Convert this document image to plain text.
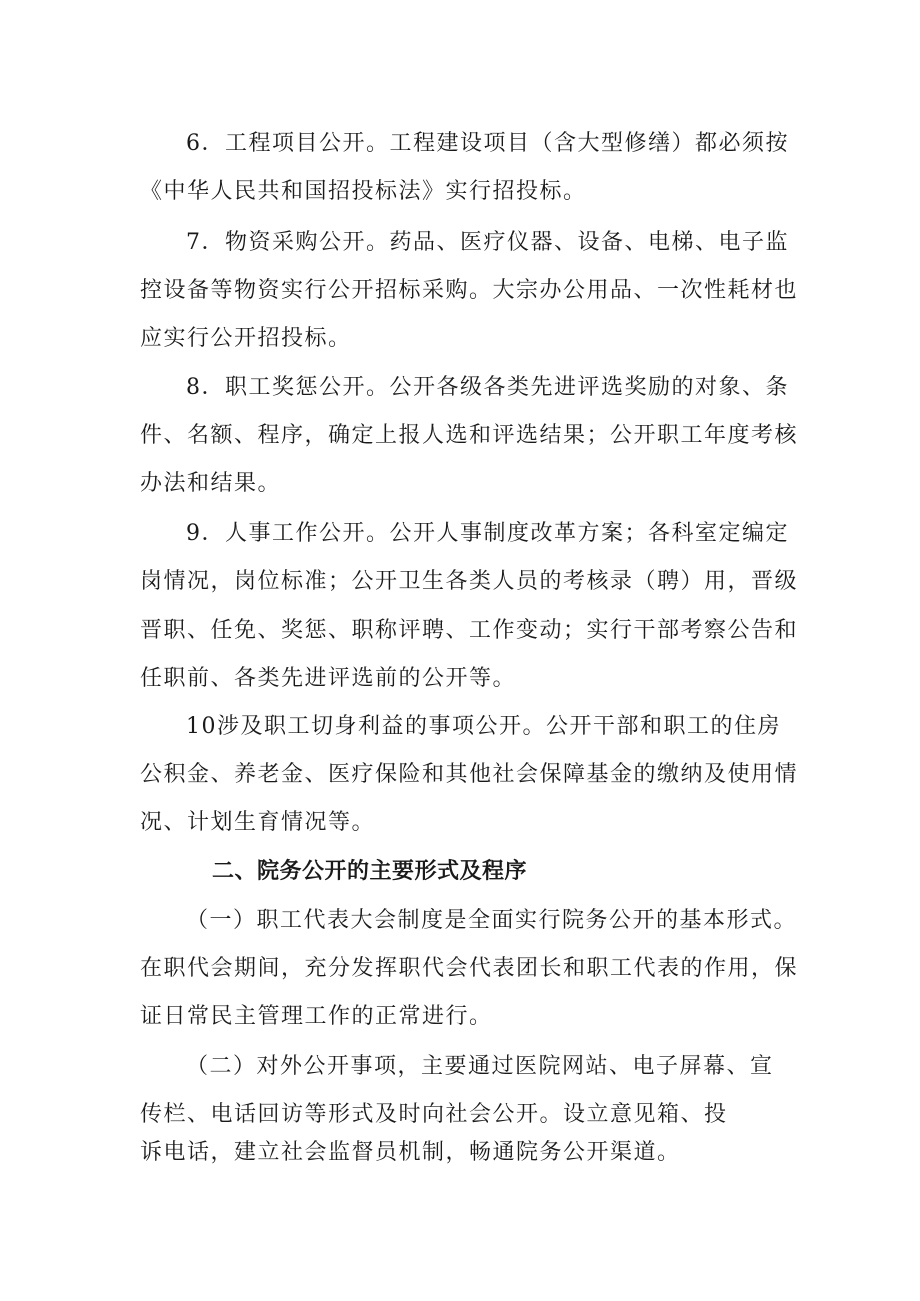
6．工程项目公开。工程建设项目（含大型修缮）都必须按
《中华人民共和国招投标法》实行招投标。
7．物资采购公开。药品、医疗仪器、设备、电梯、电子监
控设备等物资实行公开招标采购。大宗办公用品、一次性耗材也
应实行公开招投标。
8．职工奖惩公开。公开各级各类先进评选奖励的对象、条
件、名额、程序，确定上报人选和评选结果；公开职工年度考核
办法和结果。
9．人事工作公开。公开人事制度改革方案；各科室定编定
岗情况，岗位标准；公开卫生各类人员的考核录（聘）用，晋级
晋职、任免、奖惩、职称评聘、工作变动；实行干部考察公告和
任职前、各类先进评选前的公开等。
10涉及职工切身利益的事项公开。公开干部和职工的住房
公积金、养老金、医疗保险和其他社会保障基金的缴纳及使用情
况、计划生育情况等。
二、院务公开的主要形式及程序
（一）职工代表大会制度是全面实行院务公开的基本形式。
在职代会期间，充分发挥职代会代表团长和职工代表的作用，保
证日常民主管理工作的正常进行。
（二）对外公开事项，主要通过医院网站、电子屏幕、宣
传栏、电话回访等形式及时向社会公开。设立意见箱、投
诉电话，建立社会监督员机制，畅通院务公开渠道。
